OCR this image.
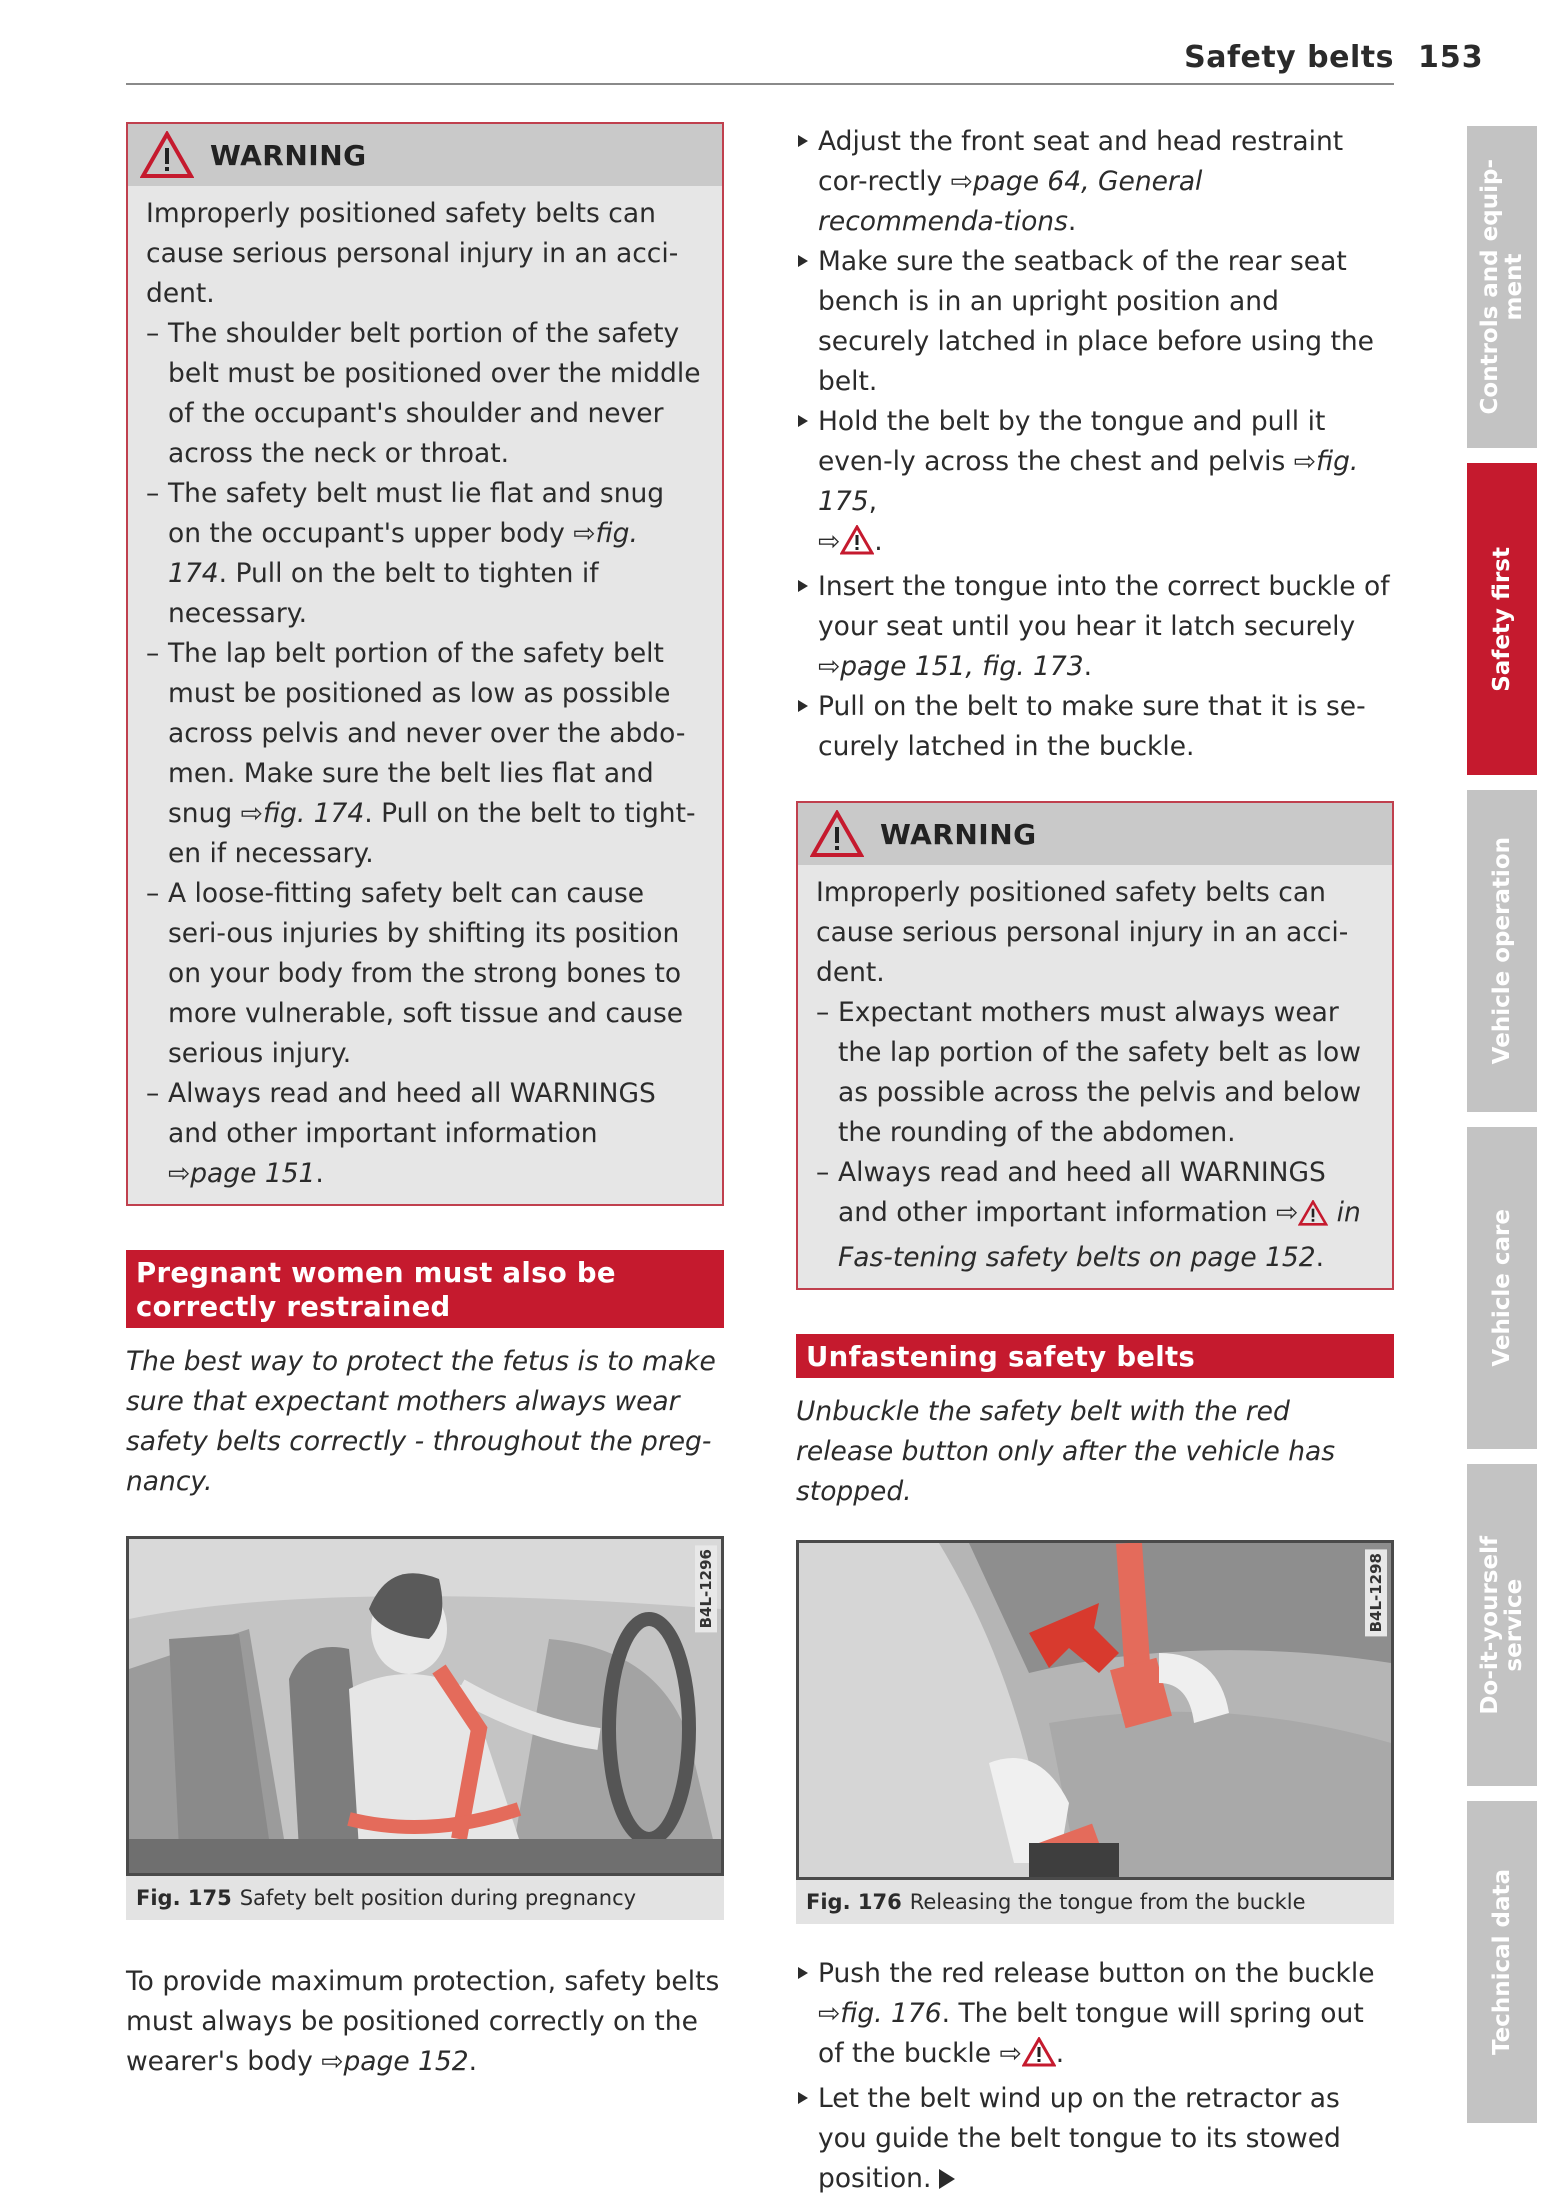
Safety belts 153
Controls and equip-
ment
Safety first
Vehicle operation
Vehicle care
Do-it-yourself
service
Technical data
WARNING

Improperly positioned safety belts can cause serious personal injury in an acci-dent.

– The shoulder belt portion of the safety belt must be positioned over the middle of the occupant's shoulder and never across the neck or throat.
– The safety belt must lie flat and snug on the occupant's upper body ⇨fig. 174. Pull on the belt to tighten if necessary.
– The lap belt portion of the safety belt must be positioned as low as possible across pelvis and never over the abdo-men. Make sure the belt lies flat and snug ⇨fig. 174. Pull on the belt to tight-en if necessary.
– A loose-fitting safety belt can cause seri-ous injuries by shifting its position on your body from the strong bones to more vulnerable, soft tissue and cause serious injury.
– Always read and heed all WARNINGS and other important information
⇨page 151.
Pregnant women must also be correctly restrained

The best way to protect the fetus is to make sure that expectant mothers always wear safety belts correctly - throughout the preg-nancy.

B4L-1296
Fig. 175 Safety belt position during pregnancy

To provide maximum protection, safety belts must always be positioned correctly on the wearer's body ⇨page 152.

Adjust the front seat and head restraint cor-rectly ⇨page 64, General recommenda-tions.
Make sure the seatback of the rear seat bench is in an upright position and securely latched in place before using the belt.
Hold the belt by the tongue and pull it even-ly across the chest and pelvis ⇨fig. 175,
⇨ .
Insert the tongue into the correct buckle of your seat until you hear it latch securely ⇨page 151, fig. 173.
Pull on the belt to make sure that it is se-curely latched in the buckle.
WARNING

Improperly positioned safety belts can cause serious personal injury in an acci-dent.

– Expectant mothers must always wear the lap portion of the safety belt as low as possible across the pelvis and below the rounding of the abdomen.
– Always read and heed all WARNINGS and other important information ⇨ in Fas-tening safety belts on page 152.
Unfastening safety belts

Unbuckle the safety belt with the red release button only after the vehicle has stopped.

B4L-1298
Fig. 176 Releasing the tongue from the buckle
Push the red release button on the buckle
⇨fig. 176. The belt tongue will spring out of the buckle ⇨ .
Let the belt wind up on the retractor as you guide the belt tongue to its stowed position.
